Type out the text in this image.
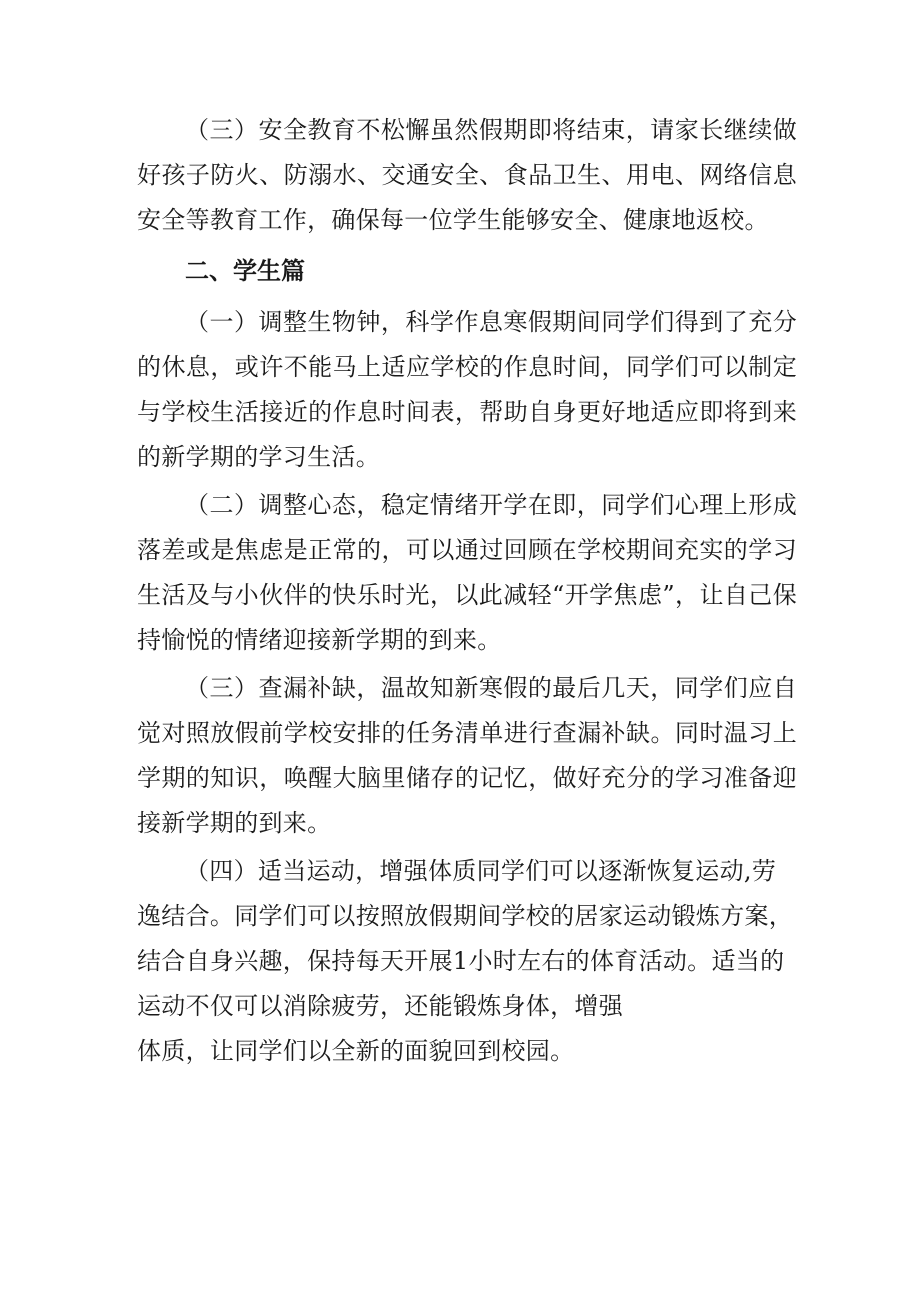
（三）安全教育不松懈虽然假期即将结束，请家长继续做好孩子防火、防溺水、交通安全、食品卫生、用电、网络信息安全等教育工作，确保每一位学生能够安全、健康地返校。

二、学生篇

（一）调整生物钟，科学作息寒假期间同学们得到了充分的休息，或许不能马上适应学校的作息时间，同学们可以制定与学校生活接近的作息时间表，帮助自身更好地适应即将到来的新学期的学习生活。

（二）调整心态，稳定情绪开学在即，同学们心理上形成落差或是焦虑是正常的，可以通过回顾在学校期间充实的学习生活及与小伙伴的快乐时光，以此减轻“开学焦虑”，让自己保持愉悦的情绪迎接新学期的到来。

（三）查漏补缺，温故知新寒假的最后几天，同学们应自觉对照放假前学校安排的任务清单进行查漏补缺。同时温习上学期的知识，唤醒大脑里储存的记忆，做好充分的学习准备迎接新学期的到来。

（四）适当运动，增强体质同学们可以逐渐恢复运动,劳逸结合。同学们可以按照放假期间学校的居家运动锻炼方案，结合自身兴趣，保持每天开展1小时左右的体育活动。适当的运动不仅可以消除疲劳，还能锻炼身体，增强

体质，让同学们以全新的面貌回到校园。
